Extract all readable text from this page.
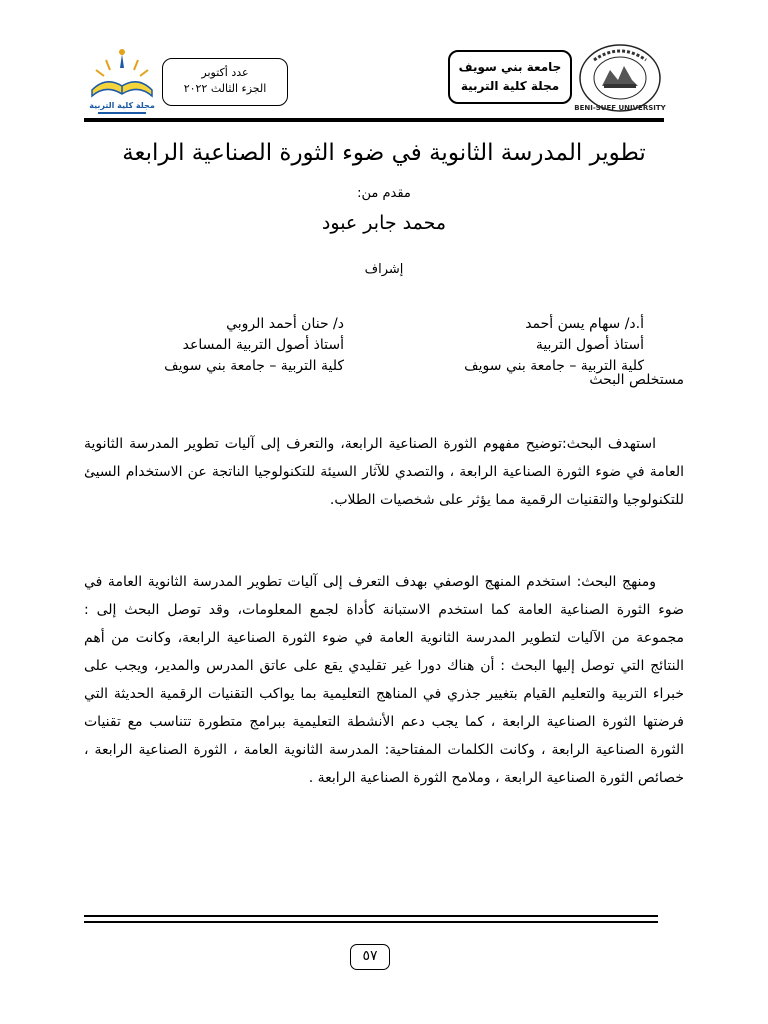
BENI-SUEF UNIVERSITY
جامعة بني سويف
مجلة كلية التربية
عدد أكتوبر
الجزء الثالث ٢٠٢٢
مجلة كلية التربية
تطوير المدرسة الثانوية في ضوء الثورة الصناعية الرابعة
مقدم من:
محمد جابر عبود
إشراف
أ.د/ سهام يسن أحمد
أستاذ أصول التربية
كلية التربية – جامعة بني سويف
د/ حنان أحمد الروبي
أستاذ أصول التربية المساعد
كلية التربية – جامعة بني سويف
مستخلص البحث

استهدف البحث:توضيح مفهوم الثورة الصناعية الرابعة، والتعرف إلى آليات تطوير المدرسة الثانوية العامة في ضوء الثورة الصناعية الرابعة ، والتصدي للآثار السيئة للتكنولوجيا الناتجة عن الاستخدام السيئ للتكنولوجيا والتقنيات الرقمية مما يؤثر على شخصيات الطلاب.

ومنهج البحث: استخدم المنهج الوصفي بهدف التعرف إلى آليات تطوير المدرسة الثانوية العامة في ضوء الثورة الصناعية العامة كما استخدم الاستبانة كأداة لجمع المعلومات، وقد توصل البحث إلى : مجموعة من الآليات لتطوير المدرسة الثانوية العامة في ضوء الثورة الصناعية الرابعة، وكانت من أهم النتائج التي توصل إليها البحث : أن هناك دورا غير تقليدي يقع على عاتق المدرس والمدير، ويجب على خبراء التربية والتعليم القيام بتغيير جذري في المناهج التعليمية بما يواكب التقنيات الرقمية الحديثة التي فرضتها الثورة الصناعية الرابعة ، كما يجب دعم الأنشطة التعليمية ببرامج متطورة تتناسب مع تقنيات الثورة الصناعية الرابعة ، وكانت الكلمات المفتاحية: المدرسة الثانوية العامة ، الثورة الصناعية الرابعة ، خصائص الثورة الصناعية الرابعة ، وملامح الثورة الصناعية الرابعة .

٥٧
